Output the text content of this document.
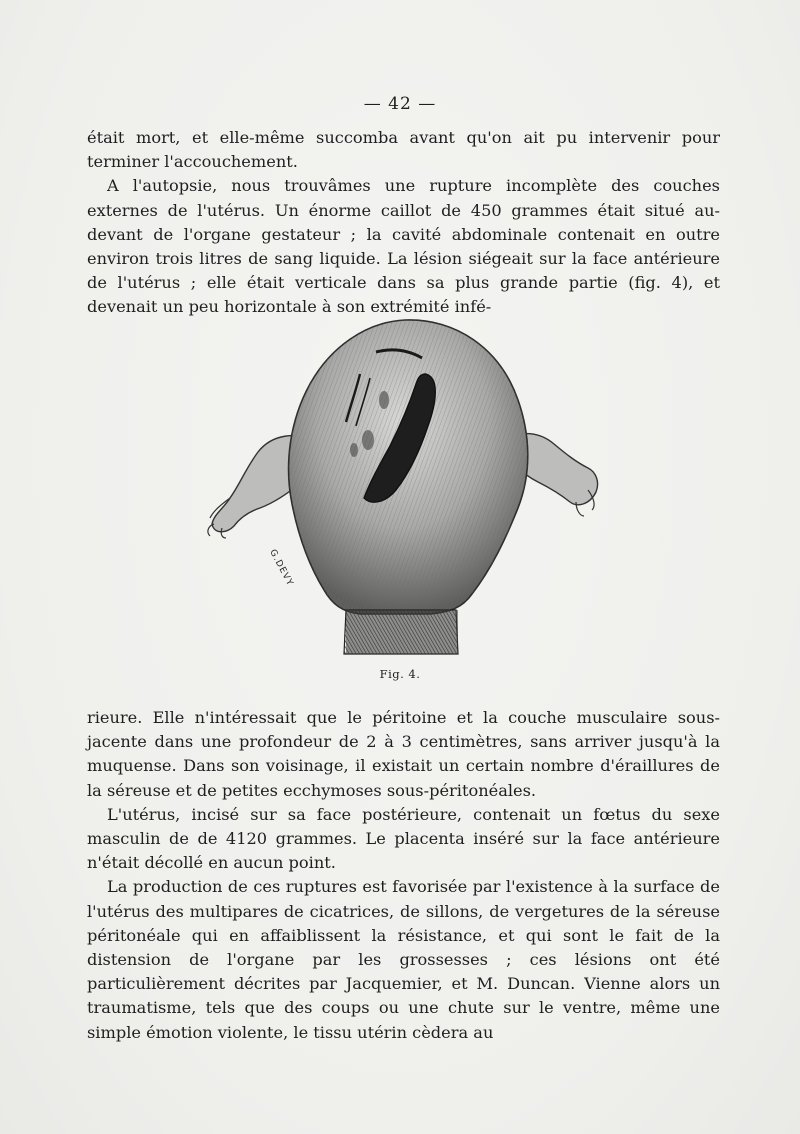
— 42 —

était mort, et elle-même succomba avant qu'on ait pu intervenir pour terminer l'accouchement.

A l'autopsie, nous trouvâmes une rupture incomplète des couches externes de l'utérus. Un énorme caillot de 450 grammes était situé au-devant de l'organe gestateur ; la cavité abdominale contenait en outre environ trois litres de sang liquide. La lésion siégeait sur la face antérieure de l'utérus ; elle était verticale dans sa plus grande partie (fig. 4), et devenait un peu horizontale à son extrémité infé-

G.DEVY
Fig. 4.

rieure. Elle n'intéressait que le péritoine et la couche musculaire sous-jacente dans une profondeur de 2 à 3 centimètres, sans arriver jusqu'à la muquense. Dans son voisinage, il existait un certain nombre d'éraillures de la séreuse et de petites ecchymoses sous-péritonéales.

L'utérus, incisé sur sa face postérieure, contenait un fœtus du sexe masculin de de 4120 grammes. Le placenta inséré sur la face antérieure n'était décollé en aucun point.

La production de ces ruptures est favorisée par l'existence à la surface de l'utérus des multipares de cicatrices, de sillons, de vergetures de la séreuse péritonéale qui en affaiblissent la résistance, et qui sont le fait de la distension de l'organe par les grossesses ; ces lésions ont été particulièrement décrites par Jacquemier, et M. Duncan. Vienne alors un traumatisme, tels que des coups ou une chute sur le ventre, même une simple émotion violente, le tissu utérin cèdera au
